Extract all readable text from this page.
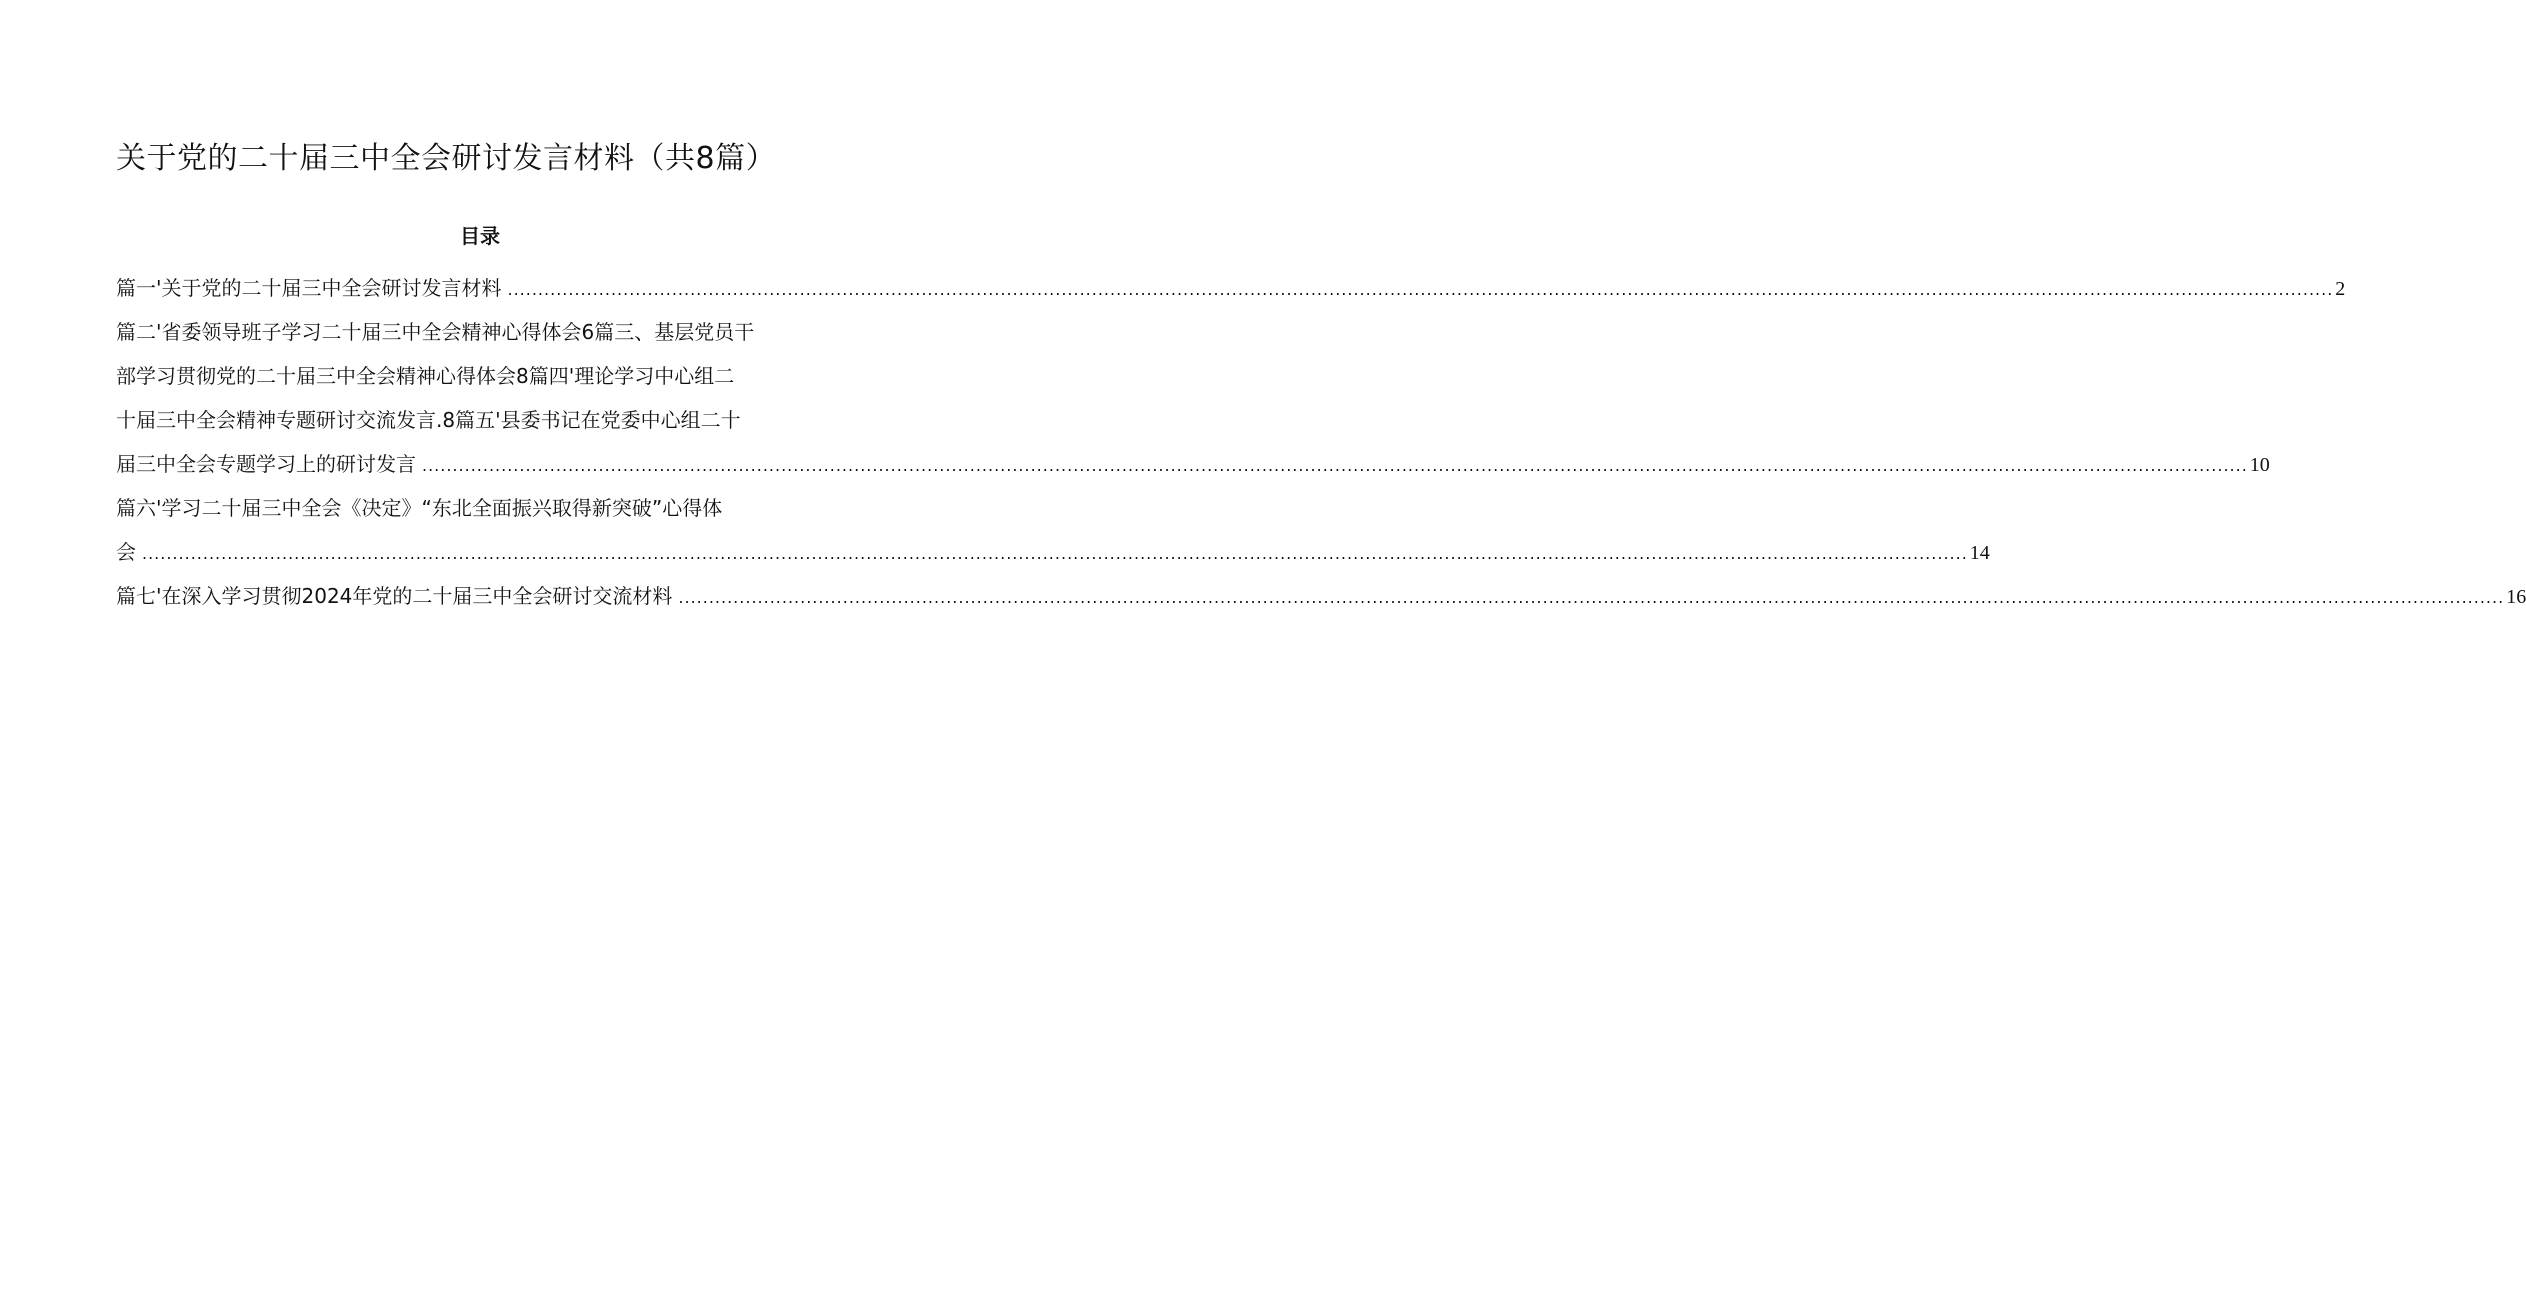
关于党的二十届三中全会研讨发言材料（共8篇）
目录
篇一'关于党的二十届三中全会研讨发言材料 ............................................................................................................................................................................................................................................................................................................ 2
篇二'省委领导班子学习二十届三中全会精神心得体会6篇三、基层党员干
部学习贯彻党的二十届三中全会精神心得体会8篇四'理论学习中心组二
十届三中全会精神专题研讨交流发言.8篇五'县委书记在党委中心组二十
届三中全会专题学习上的研讨发言 ............................................................................................................................................................................................................................................................................................................ 10
篇六'学习二十届三中全会《决定》“东北全面振兴取得新突破”心得体
会 ............................................................................................................................................................................................................................................................................................................ 14
篇七'在深入学习贯彻2024年党的二十届三中全会研讨交流材料 ............................................................................................................................................................................................................................................................................................................ 16
